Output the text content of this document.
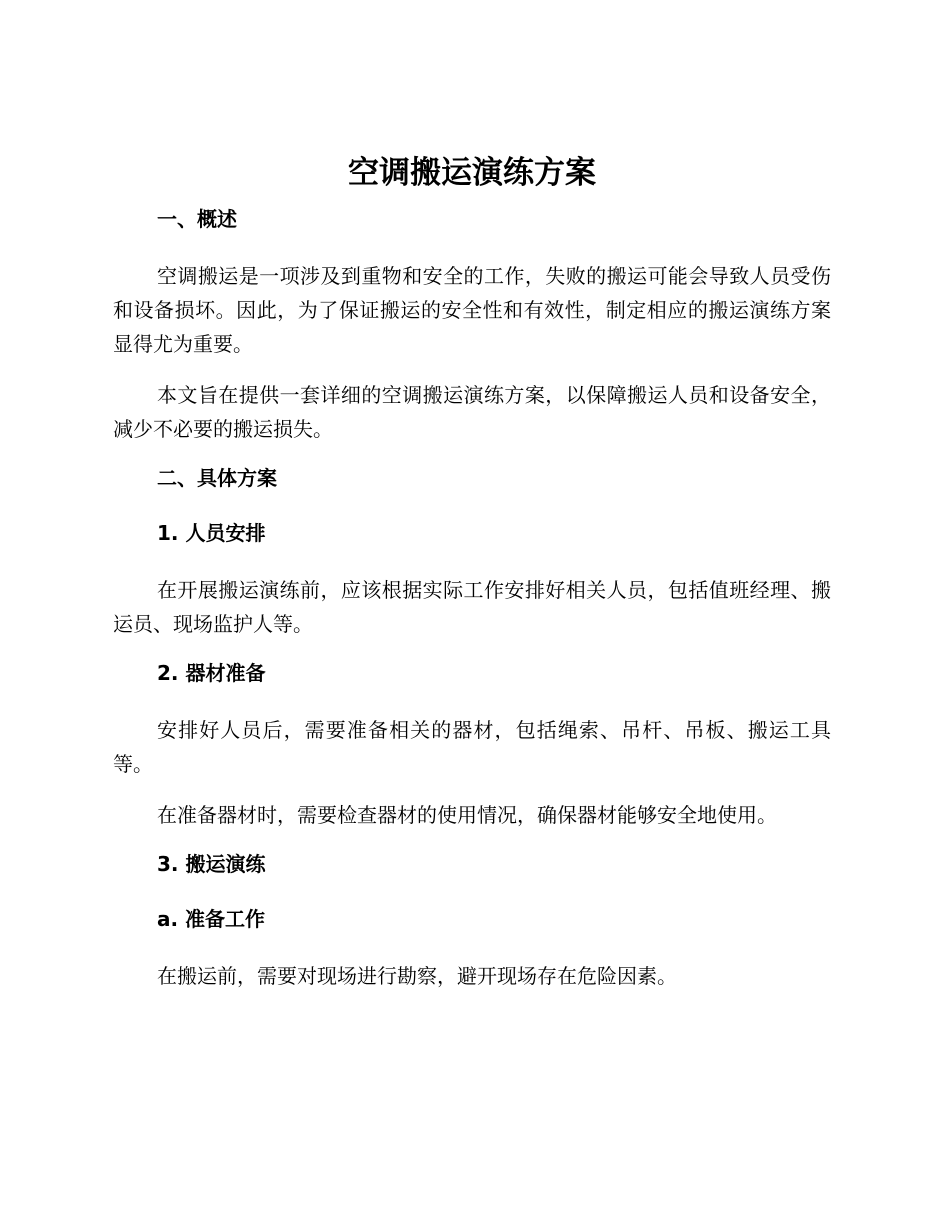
空调搬运演练方案
一、概述
空调搬运是一项涉及到重物和安全的工作，失败的搬运可能会导致人员受伤和设备损坏。因此，为了保证搬运的安全性和有效性，制定相应的搬运演练方案显得尤为重要。
本文旨在提供一套详细的空调搬运演练方案，以保障搬运人员和设备安全，减少不必要的搬运损失。
二、具体方案
1. 人员安排
在开展搬运演练前，应该根据实际工作安排好相关人员，包括值班经理、搬运员、现场监护人等。
2. 器材准备
安排好人员后，需要准备相关的器材，包括绳索、吊杆、吊板、搬运工具等。
在准备器材时，需要检查器材的使用情况，确保器材能够安全地使用。
3. 搬运演练
a. 准备工作
在搬运前，需要对现场进行勘察，避开现场存在危险因素。
